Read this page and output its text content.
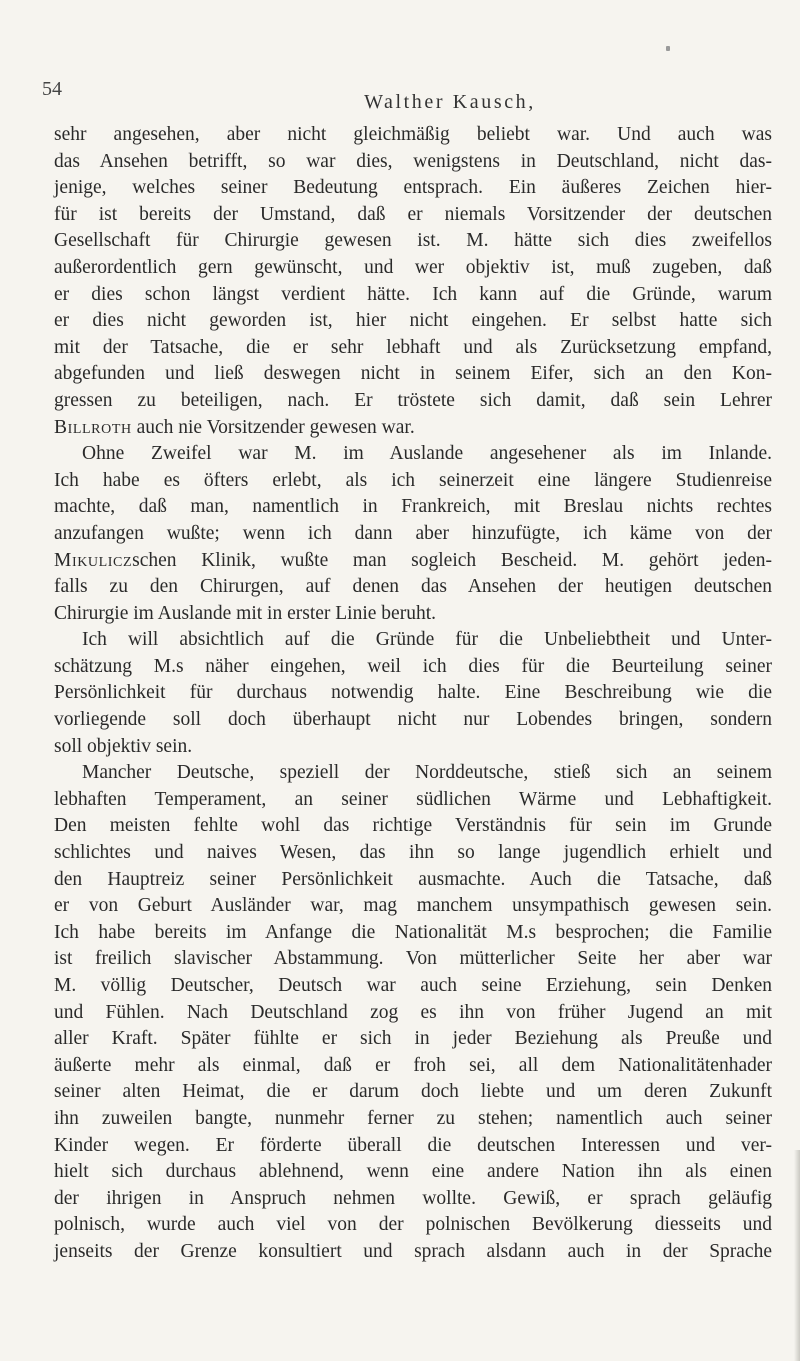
54
Walther Kausch,
sehr angesehen, aber nicht gleichmäßig beliebt war. Und auch was
das Ansehen betrifft, so war dies, wenigstens in Deutschland, nicht das-
jenige, welches seiner Bedeutung entsprach. Ein äußeres Zeichen hier-
für ist bereits der Umstand, daß er niemals Vorsitzender der deutschen
Gesellschaft für Chirurgie gewesen ist. M. hätte sich dies zweifellos
außerordentlich gern gewünscht, und wer objektiv ist, muß zugeben, daß
er dies schon längst verdient hätte. Ich kann auf die Gründe, warum
er dies nicht geworden ist, hier nicht eingehen. Er selbst hatte sich
mit der Tatsache, die er sehr lebhaft und als Zurücksetzung empfand,
abgefunden und ließ deswegen nicht in seinem Eifer, sich an den Kon-
gressen zu beteiligen, nach. Er tröstete sich damit, daß sein Lehrer
Billroth auch nie Vorsitzender gewesen war.
Ohne Zweifel war M. im Auslande angesehener als im Inlande.
Ich habe es öfters erlebt, als ich seinerzeit eine längere Studienreise
machte, daß man, namentlich in Frankreich, mit Breslau nichts rechtes
anzufangen wußte; wenn ich dann aber hinzufügte, ich käme von der
Mikuliczschen Klinik, wußte man sogleich Bescheid. M. gehört jeden-
falls zu den Chirurgen, auf denen das Ansehen der heutigen deutschen
Chirurgie im Auslande mit in erster Linie beruht.
Ich will absichtlich auf die Gründe für die Unbeliebtheit und Unter-
schätzung M.s näher eingehen, weil ich dies für die Beurteilung seiner
Persönlichkeit für durchaus notwendig halte. Eine Beschreibung wie die
vorliegende soll doch überhaupt nicht nur Lobendes bringen, sondern
soll objektiv sein.
Mancher Deutsche, speziell der Norddeutsche, stieß sich an seinem
lebhaften Temperament, an seiner südlichen Wärme und Lebhaftigkeit.
Den meisten fehlte wohl das richtige Verständnis für sein im Grunde
schlichtes und naives Wesen, das ihn so lange jugendlich erhielt und
den Hauptreiz seiner Persönlichkeit ausmachte. Auch die Tatsache, daß
er von Geburt Ausländer war, mag manchem unsympathisch gewesen sein.
Ich habe bereits im Anfange die Nationalität M.s besprochen; die Familie
ist freilich slavischer Abstammung. Von mütterlicher Seite her aber war
M. völlig Deutscher, Deutsch war auch seine Erziehung, sein Denken
und Fühlen. Nach Deutschland zog es ihn von früher Jugend an mit
aller Kraft. Später fühlte er sich in jeder Beziehung als Preuße und
äußerte mehr als einmal, daß er froh sei, all dem Nationalitätenhader
seiner alten Heimat, die er darum doch liebte und um deren Zukunft
ihn zuweilen bangte, nunmehr ferner zu stehen; namentlich auch seiner
Kinder wegen. Er förderte überall die deutschen Interessen und ver-
hielt sich durchaus ablehnend, wenn eine andere Nation ihn als einen
der ihrigen in Anspruch nehmen wollte. Gewiß, er sprach geläufig
polnisch, wurde auch viel von der polnischen Bevölkerung diesseits und
jenseits der Grenze konsultiert und sprach alsdann auch in der Sprache
